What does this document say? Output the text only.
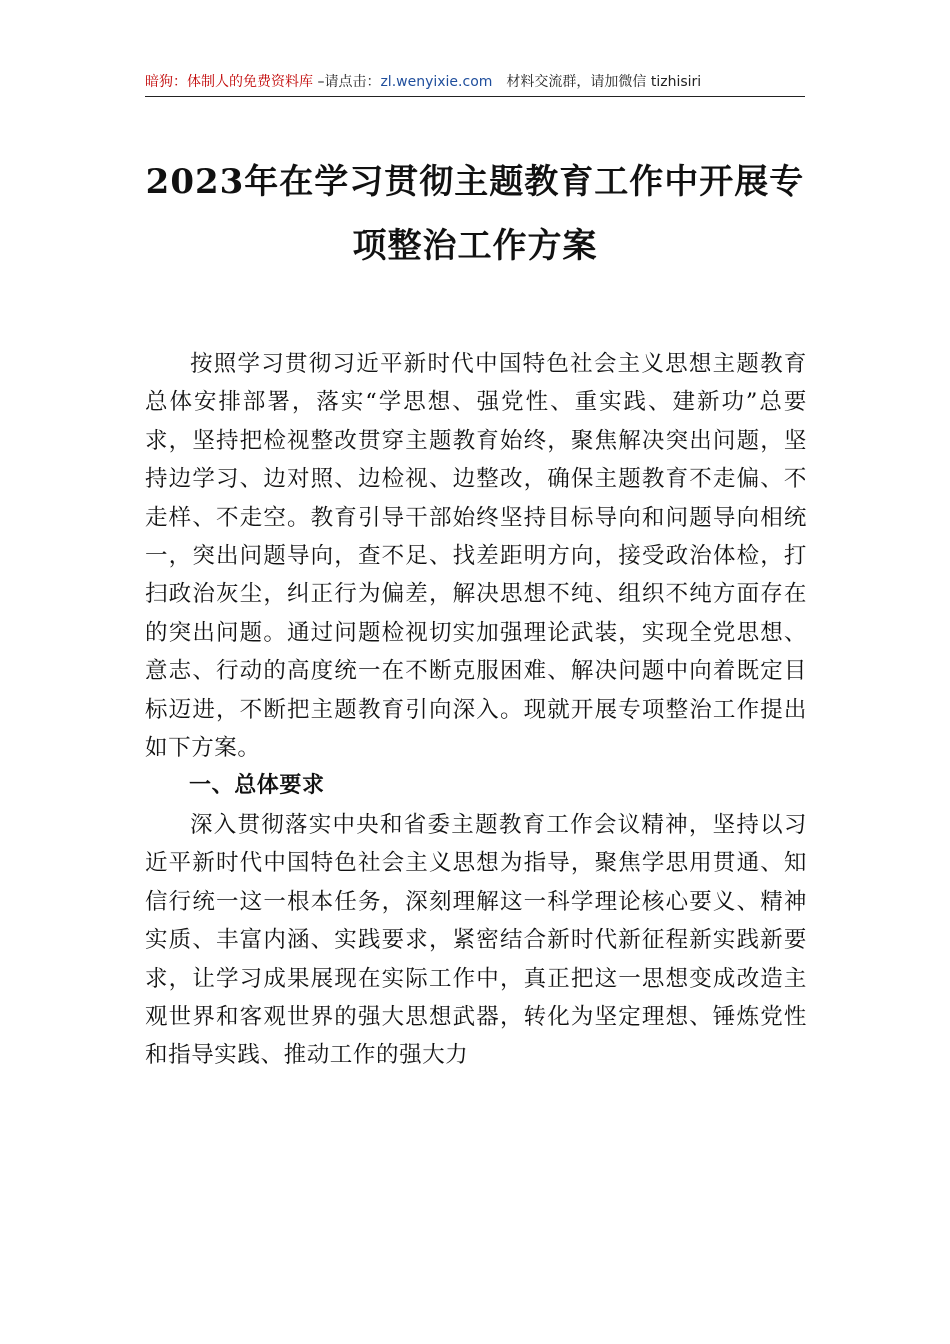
暗狗：体制人的免费资料库 –请点击：zl.wenyixie.com 材料交流群，请加微信 tizhisiri
2023年在学习贯彻主题教育工作中开展专
项整治工作方案

按照学习贯彻习近平新时代中国特色社会主义思想主题教育总体安排部署，落实“学思想、强党性、重实践、建新功”总要求，坚持把检视整改贯穿主题教育始终，聚焦解决突出问题，坚持边学习、边对照、边检视、边整改，确保主题教育不走偏、不走样、不走空。教育引导干部始终坚持目标导向和问题导向相统一，突出问题导向，查不足、找差距明方向，接受政治体检，打扫政治灰尘，纠正行为偏差，解决思想不纯、组织不纯方面存在的突出问题。通过问题检视切实加强理论武装，实现全党思想、意志、行动的高度统一在不断克服困难、解决问题中向着既定目标迈进，不断把主题教育引向深入。现就开展专项整治工作提出如下方案。

一、总体要求

深入贯彻落实中央和省委主题教育工作会议精神，坚持以习近平新时代中国特色社会主义思想为指导，聚焦学思用贯通、知信行统一这一根本任务，深刻理解这一科学理论核心要义、精神实质、丰富内涵、实践要求，紧密结合新时代新征程新实践新要求，让学习成果展现在实际工作中，真正把这一思想变成改造主观世界和客观世界的强大思想武器，转化为坚定理想、锤炼党性和指导实践、推动工作的强大力
